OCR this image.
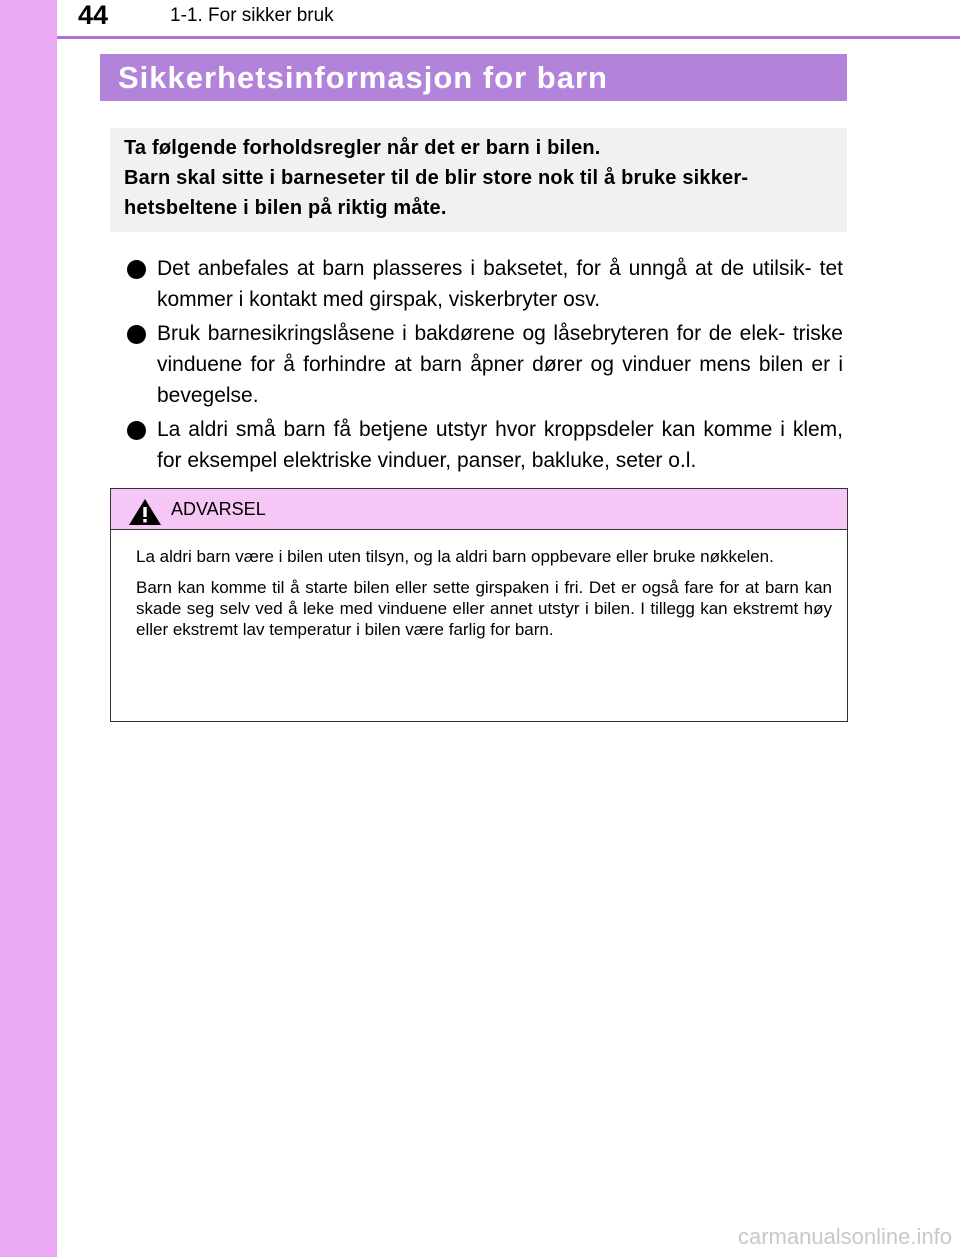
44	1-1. For sikker bruk
Sikkerhetsinformasjon for barn
Ta følgende forholdsregler når det er barn i bilen.
Barn skal sitte i barneseter til de blir store nok til å bruke sikker-
hetsbeltene i bilen på riktig måte.
Det anbefales at barn plasseres i baksetet, for å unngå at de utilsik- tet kommer i kontakt med girspak, viskerbryter osv.
Bruk barnesikringslåsene i bakdørene og låsebryteren for de elek- triske vinduene for å forhindre at barn åpner dører og vinduer mens bilen er i bevegelse.
La aldri små barn få betjene utstyr hvor kroppsdeler kan komme i klem, for eksempel elektriske vinduer, panser, bakluke, seter o.l.
ADVARSEL

La aldri barn være i bilen uten tilsyn, og la aldri barn oppbevare eller bruke nøkkelen.

Barn kan komme til å starte bilen eller sette girspaken i fri. Det er også fare for at barn kan skade seg selv ved å leke med vinduene eller annet utstyr i bilen. I tillegg kan ekstremt høy eller ekstremt lav temperatur i bilen være farlig for barn.

carmanualsonline.info
